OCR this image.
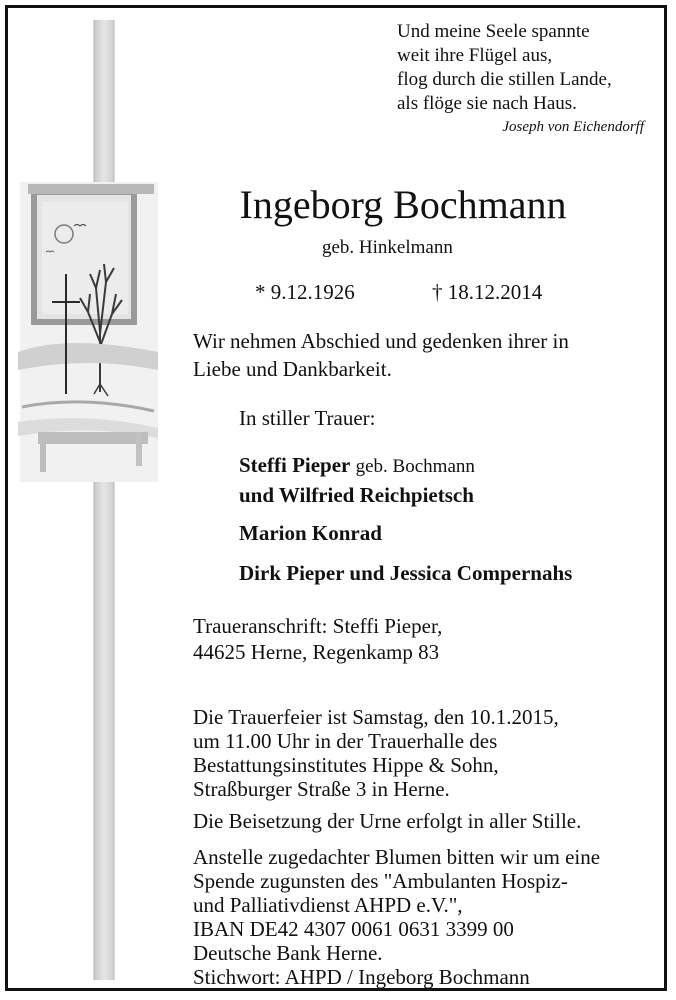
Und meine Seele spannte
weit ihre Flügel aus,
flog durch die stillen Lande,
als flöge sie nach Haus.

Joseph von Eichendorff

Ingeborg Bochmann

geb. Hinkelmann

* 9.12.1926	† 18.12.2014

Wir nehmen Abschied und gedenken ihrer in
Liebe und Dankbarkeit.

In stiller Trauer:

Steffi Pieper geb. Bochmann
und Wilfried Reichpietsch
Marion Konrad
Dirk Pieper und Jessica Compernahs
Traueranschrift: Steffi Pieper,
44625 Herne, Regenkamp 83
Die Trauerfeier ist Samstag, den 10.1.2015,
um 11.00 Uhr in der Trauerhalle des
Bestattungsinstitutes Hippe & Sohn,
Straßburger Straße 3 in Herne.

Die Beisetzung der Urne erfolgt in aller Stille.

Anstelle zugedachter Blumen bitten wir um eine
Spende zugunsten des "Ambulanten Hospiz-
und Palliativdienst AHPD e.V.",
IBAN DE42 4307 0061 0631 3399 00
Deutsche Bank Herne.
Stichwort: AHPD / Ingeborg Bochmann
